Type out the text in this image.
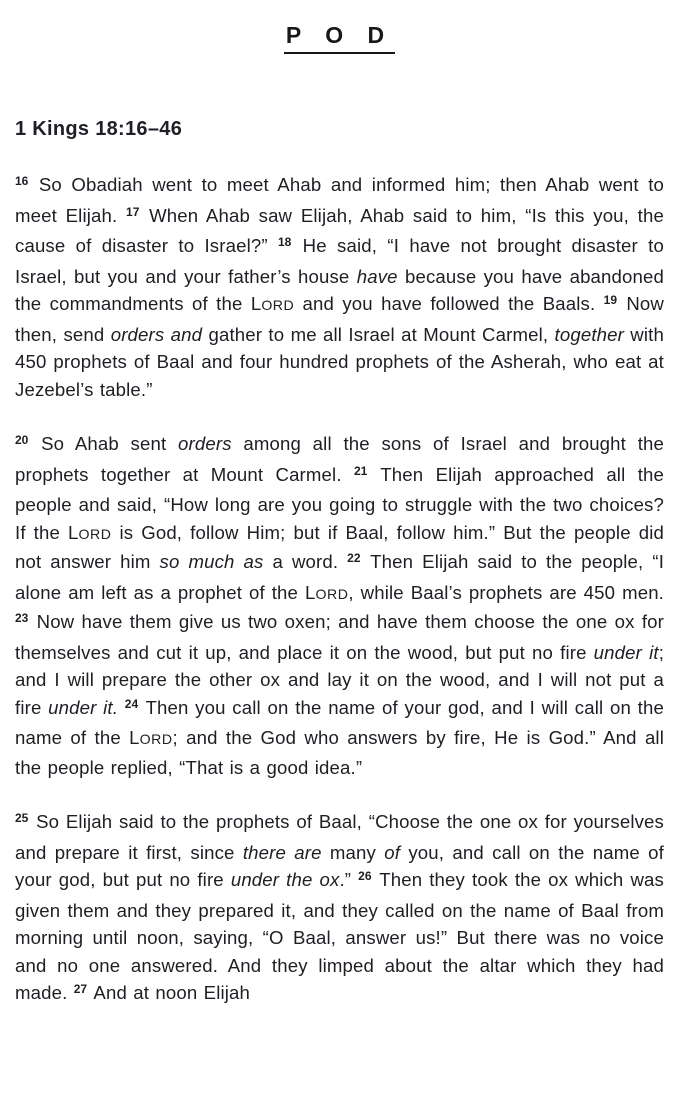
P O D
1 Kings 18:16–46

$^{16}$ So Obadiah went to meet Ahab and informed him; then Ahab went to meet Elijah. $^{17}$ When Ahab saw Elijah, Ahab said to him, “Is this you, the cause of disaster to Israel?” $^{18}$ He said, “I have not brought disaster to Israel, but you and your father’s house have because you have abandoned the commandments of the LORD and you have followed the Baals. $^{19}$ Now then, send orders and gather to me all Israel at Mount Carmel, together with 450 prophets of Baal and four hundred prophets of the Asherah, who eat at Jezebel’s table.”

$^{20}$ So Ahab sent orders among all the sons of Israel and brought the prophets together at Mount Carmel. $^{21}$ Then Elijah approached all the people and said, “How long are you going to struggle with the two choices? If the LORD is God, follow Him; but if Baal, follow him.” But the people did not answer him so much as a word. $^{22}$ Then Elijah said to the people, “I alone am left as a prophet of the LORD, while Baal’s prophets are 450 men. $^{23}$ Now have them give us two oxen; and have them choose the one ox for themselves and cut it up, and place it on the wood, but put no fire under it; and I will prepare the other ox and lay it on the wood, and I will not put a fire under it. $^{24}$ Then you call on the name of your god, and I will call on the name of the LORD; and the God who answers by fire, He is God.” And all the people replied, “That is a good idea.”

$^{25}$ So Elijah said to the prophets of Baal, “Choose the one ox for yourselves and prepare it first, since there are many of you, and call on the name of your god, but put no fire under the ox.” $^{26}$ Then they took the ox which was given them and they prepared it, and they called on the name of Baal from morning until noon, saying, “O Baal, answer us!” But there was no voice and no one answered. And they limped about the altar which they had made. $^{27}$ And at noon Elijah
